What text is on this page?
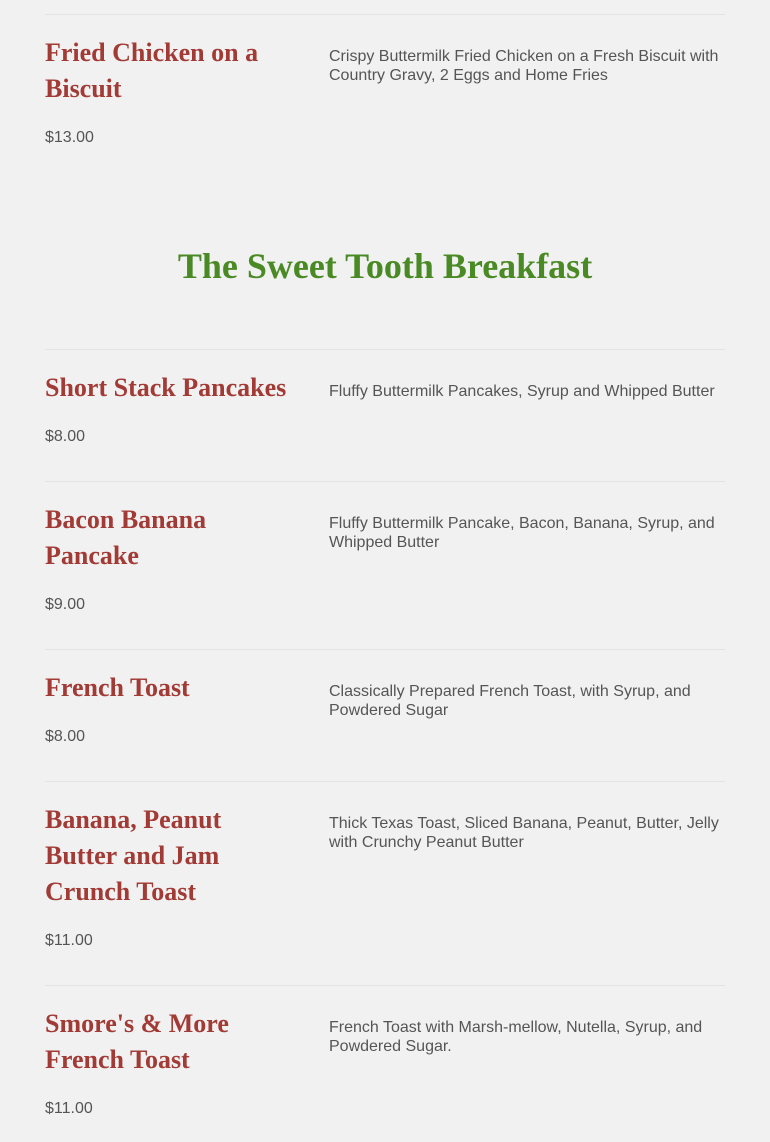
Fried Chicken on a Biscuit

Crispy Buttermilk Fried Chicken on a Fresh Biscuit with Country Gravy, 2 Eggs and Home Fries

$13.00

Short Stack Pancakes	Fluffy Buttermilk Pancakes, Syrup and Whipped Butter

$8.00

Bacon Banana Pancake

Fluffy Buttermilk Pancake, Bacon, Banana, Syrup, and Whipped Butter

$9.00

French Toast	Classically Prepared French Toast, with Syrup, and Powdered Sugar

$8.00

Banana, Peanut Butter and Jam Crunch Toast

Thick Texas Toast, Sliced Banana, Peanut, Butter, Jelly with Crunchy Peanut Butter

$11.00

Smore's & More French Toast

French Toast with Marsh-mellow, Nutella, Syrup, and Powdered Sugar.

$11.00

The Sweet Tooth Breakfast
